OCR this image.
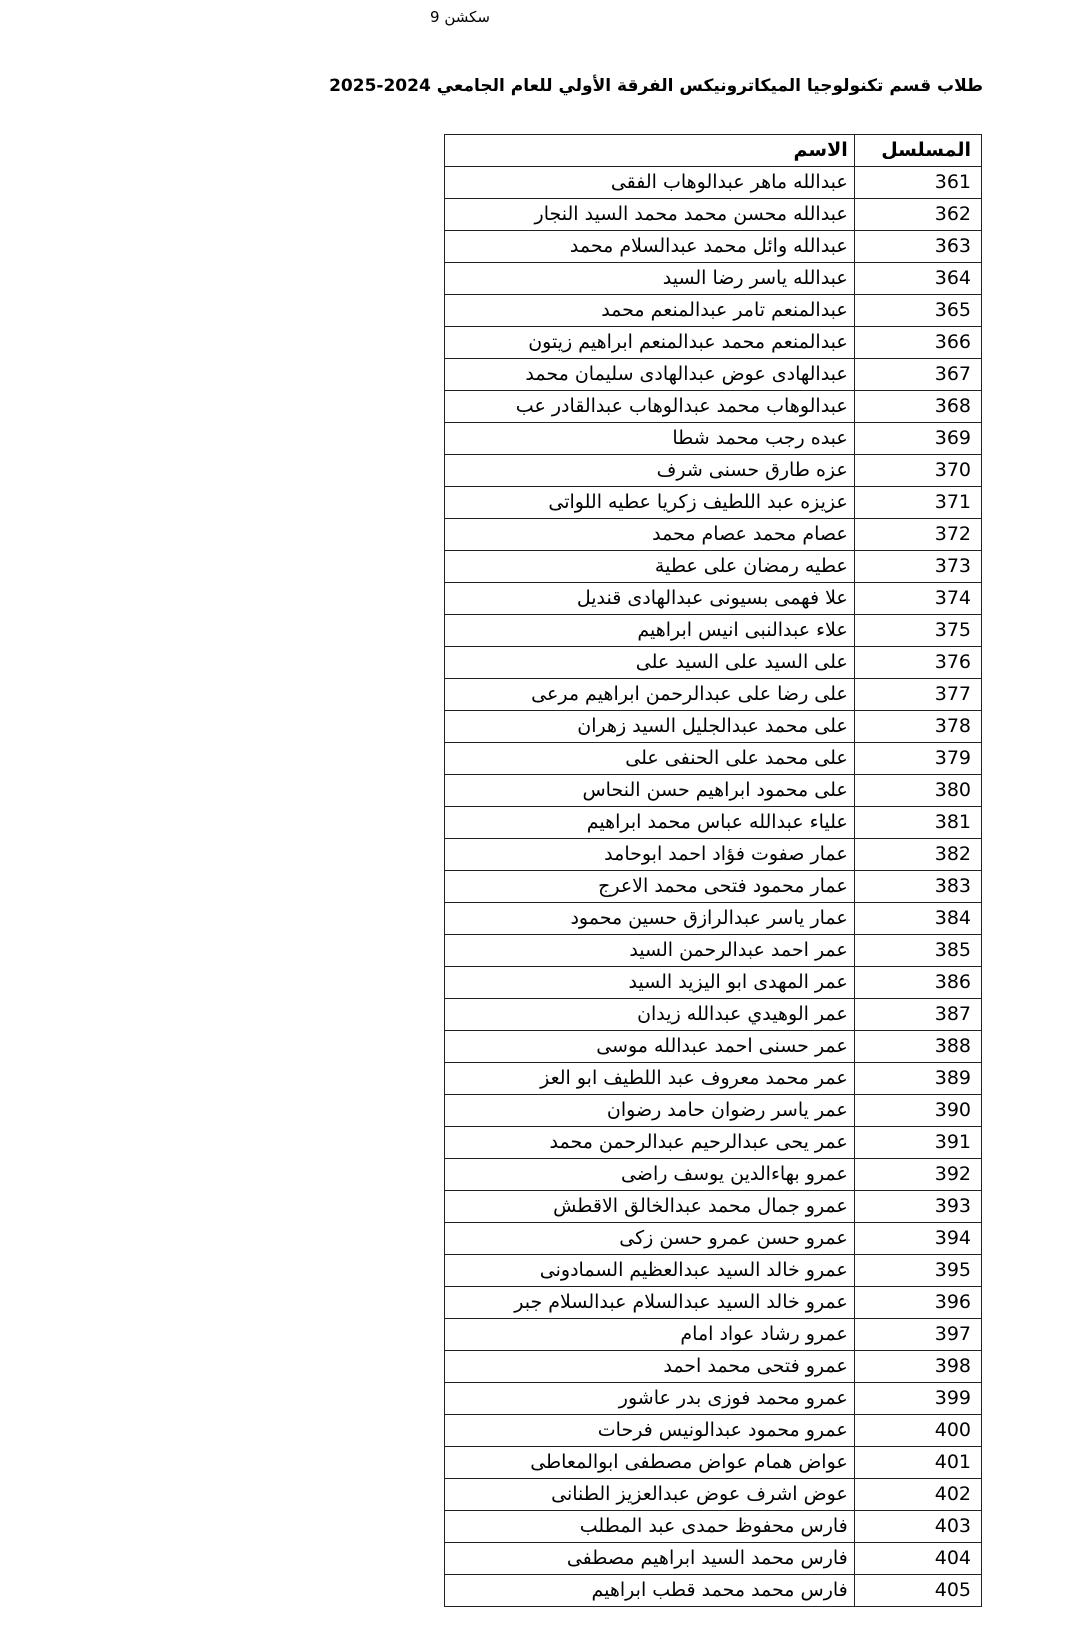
سكشن 9
طلاب قسم تكنولوجيا الميكاترونيكس الفرقة الأولي للعام الجامعي 2024-2025
الاسم	المسلسل
عبدالله ماهر عبدالوهاب الفقى	361
عبدالله محسن محمد محمد السيد النجار	362
عبدالله وائل محمد عبدالسلام محمد	363
عبدالله ياسر رضا السيد	364
عبدالمنعم تامر عبدالمنعم محمد	365
عبدالمنعم محمد عبدالمنعم ابراهيم زيتون	366
عبدالهادى عوض عبدالهادى سليمان محمد	367
عبدالوهاب محمد عبدالوهاب عبدالقادر عب	368
عبده رجب محمد شطا	369
عزه طارق حسنى شرف	370
عزيزه عبد اللطيف زكريا عطيه اللواتى	371
عصام محمد عصام محمد	372
عطيه رمضان على عطية	373
علا فهمى بسيونى عبدالهادى قنديل	374
علاء عبدالنبى انيس ابراهيم	375
على السيد على السيد على	376
على رضا على عبدالرحمن ابراهيم مرعى	377
على محمد عبدالجليل السيد زهران	378
على محمد على الحنفى على	379
على محمود ابراهيم حسن النحاس	380
علياء عبدالله عباس محمد ابراهيم	381
عمار صفوت فؤاد احمد ابوحامد	382
عمار محمود فتحى محمد الاعرج	383
عمار ياسر عبدالرازق حسين محمود	384
عمر احمد عبدالرحمن السيد	385
عمر المهدى ابو اليزيد السيد	386
عمر الوهيدي عبدالله زيدان	387
عمر حسنى احمد عبدالله موسى	388
عمر محمد معروف عبد اللطيف ابو العز	389
عمر ياسر رضوان حامد رضوان	390
عمر يحى عبدالرحيم عبدالرحمن محمد	391
عمرو بهاءالدين يوسف راضى	392
عمرو جمال محمد عبدالخالق الاقطش	393
عمرو حسن عمرو حسن زكى	394
عمرو خالد السيد عبدالعظيم السمادونى	395
عمرو خالد السيد عبدالسلام عبدالسلام جبر	396
عمرو رشاد عواد امام	397
عمرو فتحى محمد احمد	398
عمرو محمد فوزى بدر عاشور	399
عمرو محمود عبدالونيس فرحات	400
عواض همام عواض مصطفى ابوالمعاطى	401
عوض اشرف عوض عبدالعزيز الطنانى	402
فارس محفوظ حمدى عبد المطلب	403
فارس محمد السيد ابراهيم مصطفى	404
فارس محمد محمد قطب ابراهيم	405
